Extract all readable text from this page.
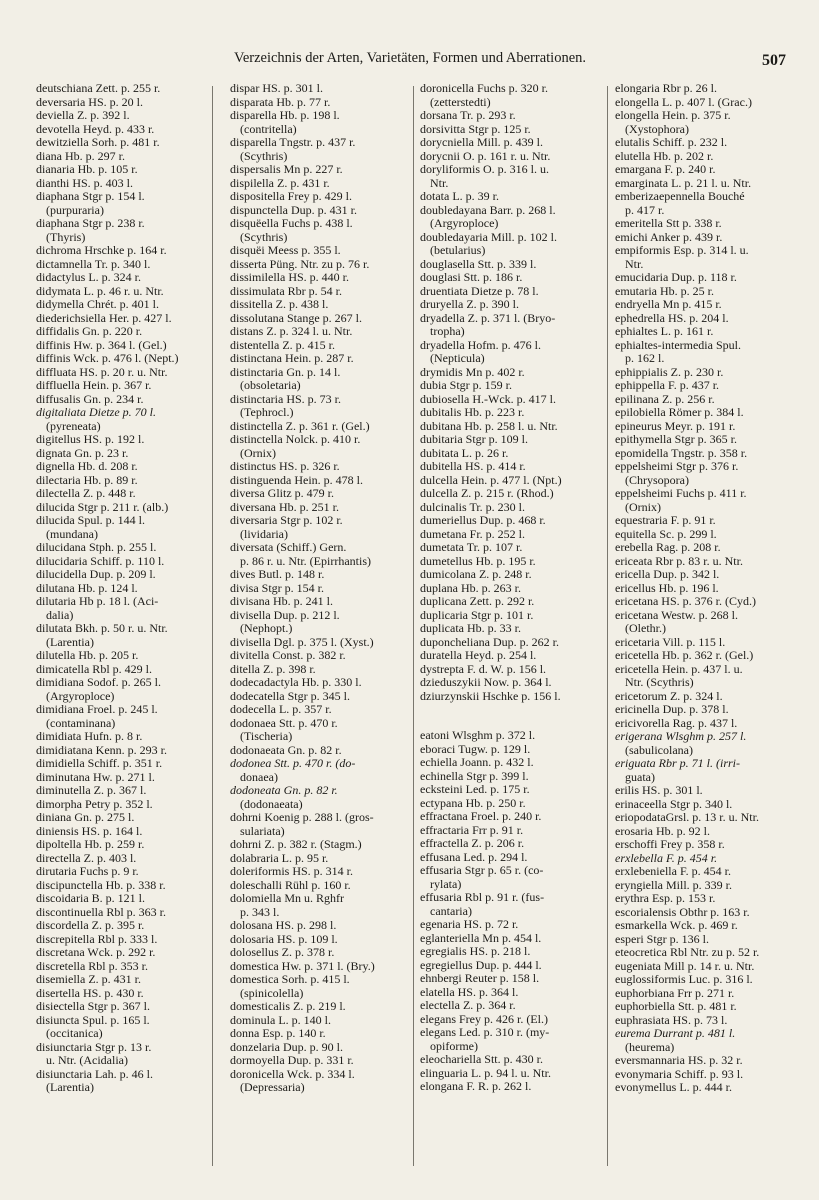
Verzeichnis der Arten, Varietäten, Formen und Aberrationen.	507
deutschiana Zett. p. 255 r.
deversaria HS. p. 20 l.
deviella Z. p. 392 l.
devotella Heyd. p. 433 r.
dewitziella Sorh. p. 481 r.
diana Hb. p. 297 r.
dianaria Hb. p. 105 r.
dianthi HS. p. 403 l.
diaphana Stgr p. 154 l.
(purpuraria)
diaphana Stgr p. 238 r.
(Thyris)
dichroma Hrschke p. 164 r.
dictamnella Tr. p. 340 l.
didactylus L. p. 324 r.
didymata L. p. 46 r. u. Ntr.
didymella Chrét. p. 401 l.
diederichsiella Her. p. 427 l.
diffidalis Gn. p. 220 r.
diffinis Hw. p. 364 l. (Gel.)
diffinis Wck. p. 476 l. (Nept.)
diffluata HS. p. 20 r. u. Ntr.
diffluella Hein. p. 367 r.
diffusalis Gn. p. 234 r.
digitaliata Dietze p. 70 l.
(pyreneata)
digitellus HS. p. 192 l.
dignata Gn. p. 23 r.
dignella Hb. d. 208 r.
dilectaria Hb. p. 89 r.
dilectella Z. p. 448 r.
dilucida Stgr p. 211 r. (alb.)
dilucida Spul. p. 144 l.
(mundana)
dilucidana Stph. p. 255 l.
dilucidaria Schiff. p. 110 l.
dilucidella Dup. p. 209 l.
dilutana Hb. p. 124 l.
dilutaria Hb p. 18 l. (Aci-
dalia)
dilutata Bkh. p. 50 r. u. Ntr.
(Larentia)
dilutella Hb. p. 205 r.
dimicatella Rbl p. 429 l.
dimidiana Sodof. p. 265 l.
(Argyroploce)
dimidiana Froel. p. 245 l.
(contaminana)
dimidiata Hufn. p. 8 r.
dimidiatana Kenn. p. 293 r.
dimidiella Schiff. p. 351 r.
diminutana Hw. p. 271 l.
diminutella Z. p. 367 l.
dimorpha Petry p. 352 l.
diniana Gn. p. 275 l.
diniensis HS. p. 164 l.
dipoltella Hb. p. 259 r.
directella Z. p. 403 l.
dirutaria Fuchs p. 9 r.
discipunctella Hb. p. 338 r.
discoidaria B. p. 121 l.
discontinuella Rbl p. 363 r.
discordella Z. p. 395 r.
discrepitella Rbl p. 333 l.
discretana Wck. p. 292 r.
discretella Rbl p. 353 r.
disemiella Z. p. 431 r.
disertella HS. p. 430 r.
disiectella Stgr p. 367 l.
disiuncta Spul. p. 165 l.
(occitanica)
disiunctaria Stgr p. 13 r.
u. Ntr. (Acidalia)
disiunctaria Lah. p. 46 l.
(Larentia)
dispar HS. p. 301 l.
disparata Hb. p. 77 r.
disparella Hb. p. 198 l.
(contritella)
disparella Tngstr. p. 437 r.
(Scythris)
dispersalis Mn p. 227 r.
dispilella Z. p. 431 r.
dispositella Frey p. 429 l.
dispunctella Dup. p. 431 r.
disquëella Fuchs p. 438 l.
(Scythris)
disquëi Meess p. 355 l.
disserta Püng. Ntr. zu p. 76 r.
dissimilella HS. p. 440 r.
dissimulata Rbr p. 54 r.
dissitella Z. p. 438 l.
dissolutana Stange p. 267 l.
distans Z. p. 324 l. u. Ntr.
distentella Z. p. 415 r.
distinctana Hein. p. 287 r.
distinctaria Gn. p. 14 l.
(obsoletaria)
distinctaria HS. p. 73 r.
(Tephrocl.)
distinctella Z. p. 361 r. (Gel.)
distinctella Nolck. p. 410 r.
(Ornix)
distinctus HS. p. 326 r.
distinguenda Hein. p. 478 l.
diversa Glitz p. 479 r.
diversana Hb. p. 251 r.
diversaria Stgr p. 102 r.
(lividaria)
diversata (Schiff.) Gern.
p. 86 r. u. Ntr. (Epirrhantis)
dives Butl. p. 148 r.
divisa Stgr p. 154 r.
divisana Hb. p. 241 l.
divisella Dup. p. 212 l.
(Nephopt.)
divisella Dgl. p. 375 l. (Xyst.)
divitella Const. p. 382 r.
ditella Z. p. 398 r.
dodecadactyla Hb. p. 330 l.
dodecatella Stgr p. 345 l.
dodecella L. p. 357 r.
dodonaea Stt. p. 470 r.
(Tischeria)
dodonaeata Gn. p. 82 r.
dodonea Stt. p. 470 r. (do-
donaea)
dodoneata Gn. p. 82 r.
(dodonaeata)
dohrni Koenig p. 288 l. (gros-
sulariata)
dohrni Z. p. 382 r. (Stagm.)
dolabraria L. p. 95 r.
doleriformis HS. p. 314 r.
doleschalli Rühl p. 160 r.
dolomiella Mn u. Rghfr
p. 343 l.
dolosana HS. p. 298 l.
dolosaria HS. p. 109 l.
dolosellus Z. p. 378 r.
domestica Hw. p. 371 l. (Bry.)
domestica Sorh. p. 415 l.
(spinicolella)
domesticalis Z. p. 219 l.
dominula L. p. 140 l.
donna Esp. p. 140 r.
donzelaria Dup. p. 90 l.
dormoyella Dup. p. 331 r.
doronicella Wck. p. 334 l.
(Depressaria)
doronicella Fuchs p. 320 r.
(zetterstedti)
dorsana Tr. p. 293 r.
dorsivitta Stgr p. 125 r.
dorycniella Mill. p. 439 l.
dorycnii O. p. 161 r. u. Ntr.
doryliformis O. p. 316 l. u.
Ntr.
dotata L. p. 39 r.
doubledayana Barr. p. 268 l.
(Argyroploce)
doubledayaria Mill. p. 102 l.
(betularius)
douglasella Stt. p. 339 l.
douglasi Stt. p. 186 r.
druentiata Dietze p. 78 l.
druryella Z. p. 390 l.
dryadella Z. p. 371 l. (Bryo-
tropha)
dryadella Hofm. p. 476 l.
(Nepticula)
drymidis Mn p. 402 r.
dubia Stgr p. 159 r.
dubiosella H.-Wck. p. 417 l.
dubitalis Hb. p. 223 r.
dubitana Hb. p. 258 l. u. Ntr.
dubitaria Stgr p. 109 l.
dubitata L. p. 26 r.
dubitella HS. p. 414 r.
dulcella Hein. p. 477 l. (Npt.)
dulcella Z. p. 215 r. (Rhod.)
dulcinalis Tr. p. 230 l.
dumeriellus Dup. p. 468 r.
dumetana Fr. p. 252 l.
dumetata Tr. p. 107 r.
dumetellus Hb. p. 195 r.
dumicolana Z. p. 248 r.
duplana Hb. p. 263 r.
duplicana Zett. p. 292 r.
duplicaria Stgr p. 101 r.
duplicata Hb. p. 33 r.
duponcheliana Dup. p. 262 r.
duratella Heyd. p. 254 l.
dystrepta F. d. W. p. 156 l.
dzieduszykii Now. p. 364 l.
dziurzynskii Hschke p. 156 l.
eatoni Wlsghm p. 372 l.
eboraci Tugw. p. 129 l.
echiella Joann. p. 432 l.
echinella Stgr p. 399 l.
ecksteini Led. p. 175 r.
ectypana Hb. p. 250 r.
effractana Froel. p. 240 r.
effractaria Frr p. 91 r.
effractella Z. p. 206 r.
effusana Led. p. 294 l.
effusaria Stgr p. 65 r. (co-
rylata)
effusaria Rbl p. 91 r. (fus-
cantaria)
egenaria HS. p. 72 r.
eglanteriella Mn p. 454 l.
egregialis HS. p. 218 l.
egregiellus Dup. p. 444 l.
ehnbergi Reuter p. 158 l.
elatella HS. p. 364 l.
electella Z. p. 364 r.
elegans Frey p. 426 r. (El.)
elegans Led. p. 310 r. (my-
opiforme)
eleochariella Stt. p. 430 r.
elinguaria L. p. 94 l. u. Ntr.
elongana F. R. p. 262 l.
elongaria Rbr p. 26 l.
elongella L. p. 407 l. (Grac.)
elongella Hein. p. 375 r.
(Xystophora)
elutalis Schiff. p. 232 l.
elutella Hb. p. 202 r.
emargana F. p. 240 r.
emarginata L. p. 21 l. u. Ntr.
emberizaepennella Bouché
p. 417 r.
emeritella Stt p. 338 r.
emichi Anker p. 439 r.
empiformis Esp. p. 314 l. u.
Ntr.
emucidaria Dup. p. 118 r.
emutaria Hb. p. 25 r.
endryella Mn p. 415 r.
ephedrella HS. p. 204 l.
ephialtes L. p. 161 r.
ephialtes-intermedia Spul.
p. 162 l.
ephippialis Z. p. 230 r.
ephippella F. p. 437 r.
epilinana Z. p. 256 r.
epilobiella Römer p. 384 l.
epineurus Meyr. p. 191 r.
epithymella Stgr p. 365 r.
epomidella Tngstr. p. 358 r.
eppelsheimi Stgr p. 376 r.
(Chrysopora)
eppelsheimi Fuchs p. 411 r.
(Ornix)
equestraria F. p. 91 r.
equitella Sc. p. 299 l.
erebella Rag. p. 208 r.
ericeata Rbr p. 83 r. u. Ntr.
ericella Dup. p. 342 l.
ericellus Hb. p. 196 l.
ericetana HS. p. 376 r. (Cyd.)
ericetana Westw. p. 268 l.
(Olethr.)
ericetaria Vill. p. 115 l.
ericetella Hb. p. 362 r. (Gel.)
ericetella Hein. p. 437 l. u.
Ntr. (Scythris)
ericetorum Z. p. 324 l.
ericinella Dup. p. 378 l.
ericivorella Rag. p. 437 l.
erigerana Wlsghm p. 257 l.
(sabulicolana)
eriguata Rbr p. 71 l. (irri-
guata)
erilis HS. p. 301 l.
erinaceella Stgr p. 340 l.
eriopodataGrsl. p. 13 r. u. Ntr.
erosaria Hb. p. 92 l.
erschoffi Frey p. 358 r.
erxlebella F. p. 454 r.
erxlebeniella F. p. 454 r.
eryngiella Mill. p. 339 r.
erythra Esp. p. 153 r.
escorialensis Obthr p. 163 r.
esmarkella Wck. p. 469 r.
esperi Stgr p. 136 l.
eteocretica Rbl Ntr. zu p. 52 r.
eugeniata Mill p. 14 r. u. Ntr.
euglossiformis Luc. p. 316 l.
euphorbiana Frr p. 271 r.
euphorbiella Stt. p. 481 r.
euphrasiata HS. p. 73 l.
eurema Durrant p. 481 l.
(heurema)
eversmannaria HS. p. 32 r.
evonymaria Schiff. p. 93 l.
evonymellus L. p. 444 r.
